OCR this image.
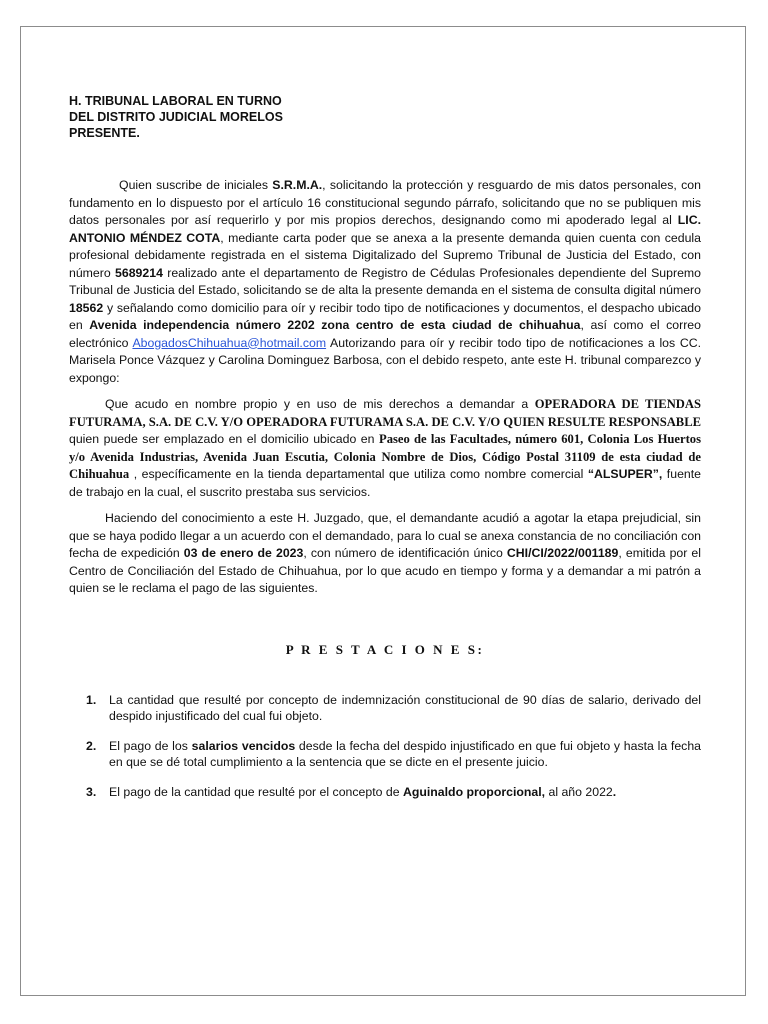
H. TRIBUNAL LABORAL EN TURNO
DEL DISTRITO JUDICIAL MORELOS
PRESENTE.

Quien suscribe de iniciales S.R.M.A., solicitando la protección y resguardo de mis datos personales, con fundamento en lo dispuesto por el artículo 16 constitucional segundo párrafo, solicitando que no se publiquen mis datos personales por así requerirlo y por mis propios derechos, designando como mi apoderado legal al LIC. ANTONIO MÉNDEZ COTA, mediante carta poder que se anexa a la presente demanda quien cuenta con cedula profesional debidamente registrada en el sistema Digitalizado del Supremo Tribunal de Justicia del Estado, con número 5689214 realizado ante el departamento de Registro de Cédulas Profesionales dependiente del Supremo Tribunal de Justicia del Estado, solicitando se de alta la presente demanda en el sistema de consulta digital número 18562 y señalando como domicilio para oír y recibir todo tipo de notificaciones y documentos, el despacho ubicado en Avenida independencia número 2202 zona centro de esta ciudad de chihuahua, así como el correo electrónico AbogadosChihuahua@hotmail.com Autorizando para oír y recibir todo tipo de notificaciones a los CC. Marisela Ponce Vázquez y Carolina Dominguez Barbosa, con el debido respeto, ante este H. tribunal comparezco y expongo:

Que acudo en nombre propio y en uso de mis derechos a demandar a OPERADORA DE TIENDAS FUTURAMA, S.A. DE C.V. Y/O OPERADORA FUTURAMA S.A. DE C.V. Y/O QUIEN RESULTE RESPONSABLE quien puede ser emplazado en el domicilio ubicado en Paseo de las Facultades, número 601, Colonia Los Huertos y/o Avenida Industrias, Avenida Juan Escutia, Colonia Nombre de Dios, Código Postal 31109 de esta ciudad de Chihuahua , específicamente en la tienda departamental que utiliza como nombre comercial “ALSUPER”, fuente de trabajo en la cual, el suscrito prestaba sus servicios.

Haciendo del conocimiento a este H. Juzgado, que, el demandante acudió a agotar la etapa prejudicial, sin que se haya podido llegar a un acuerdo con el demandado, para lo cual se anexa constancia de no conciliación con fecha de expedición 03 de enero de 2023, con número de identificación único CHI/CI/2022/001189, emitida por el Centro de Conciliación del Estado de Chihuahua, por lo que acudo en tiempo y forma y a demandar a mi patrón a quien se le reclama el pago de las siguientes.

P R E S T A C I O N E S:
1. La cantidad que resulté por concepto de indemnización constitucional de 90 días de salario, derivado del despido injustificado del cual fui objeto.
2. El pago de los salarios vencidos desde la fecha del despido injustificado en que fui objeto y hasta la fecha en que se dé total cumplimiento a la sentencia que se dicte en el presente juicio.
3. El pago de la cantidad que resulté por el concepto de Aguinaldo proporcional, al año 2022.
